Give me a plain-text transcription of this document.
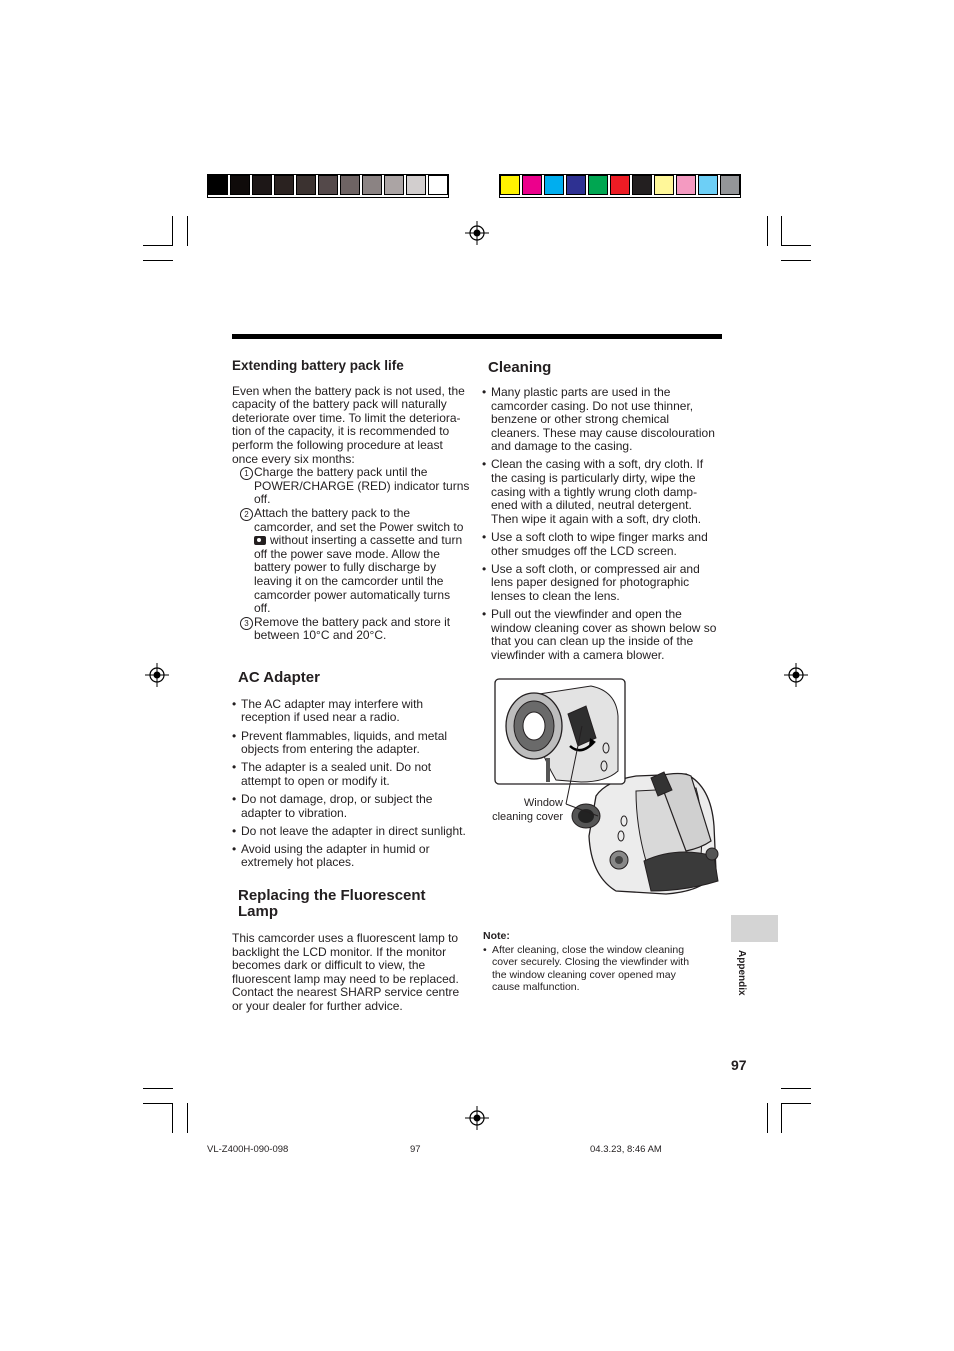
Extending battery pack life

Even when the battery pack is not used, the
capacity of the battery pack will naturally
deteriorate over time. To limit the deteriora-
tion of the capacity, it is recommended to
perform the following procedure at least
once every six months:

1 Charge the battery pack until the
POWER/CHARGE (RED) indicator turns
off.
2 Attach the battery pack to the
camcorder, and set the Power switch to
without inserting a cassette and turn
off the power save mode. Allow the
battery power to fully discharge by
leaving it on the camcorder until the
camcorder power automatically turns
off.
3 Remove the battery pack and store it
between 10°C and 20°C.
AC Adapter
• The AC adapter may interfere with
reception if used near a radio.
• Prevent flammables, liquids, and metal
objects from entering the adapter.
• The adapter is a sealed unit. Do not
attempt to open or modify it.
• Do not damage, drop, or subject the
adapter to vibration.
• Do not leave the adapter in direct sunlight.
• Avoid using the adapter in humid or
extremely hot places.
Replacing the Fluorescent
Lamp

This camcorder uses a fluorescent lamp to
backlight the LCD monitor. If the monitor
becomes dark or difficult to view, the
fluorescent lamp may need to be replaced.
Contact the nearest SHARP service centre
or your dealer for further advice.

Cleaning
• Many plastic parts are used in the
camcorder casing. Do not use thinner,
benzene or other strong chemical
cleaners. These may cause discolouration
and damage to the casing.
• Clean the casing with a soft, dry cloth. If
the casing is particularly dirty, wipe the
casing with a tightly wrung cloth damp-
ened with a diluted, neutral detergent.
Then wipe it again with a soft, dry cloth.
• Use a soft cloth to wipe finger marks and
other smudges off the LCD screen.
• Use a soft cloth, or compressed air and
lens paper designed for photographic
lenses to clean the lens.
• Pull out the viewfinder and open the
window cleaning cover as shown below so
that you can clean up the inside of the
viewfinder with a camera blower.
Window
cleaning cover
Note:
• After cleaning, close the window cleaning
cover securely. Closing the viewfinder with
the window cleaning cover opened may
cause malfunction.	Appendix
97
VL-Z400H-090-098	97	04.3.23, 8:46 AM
